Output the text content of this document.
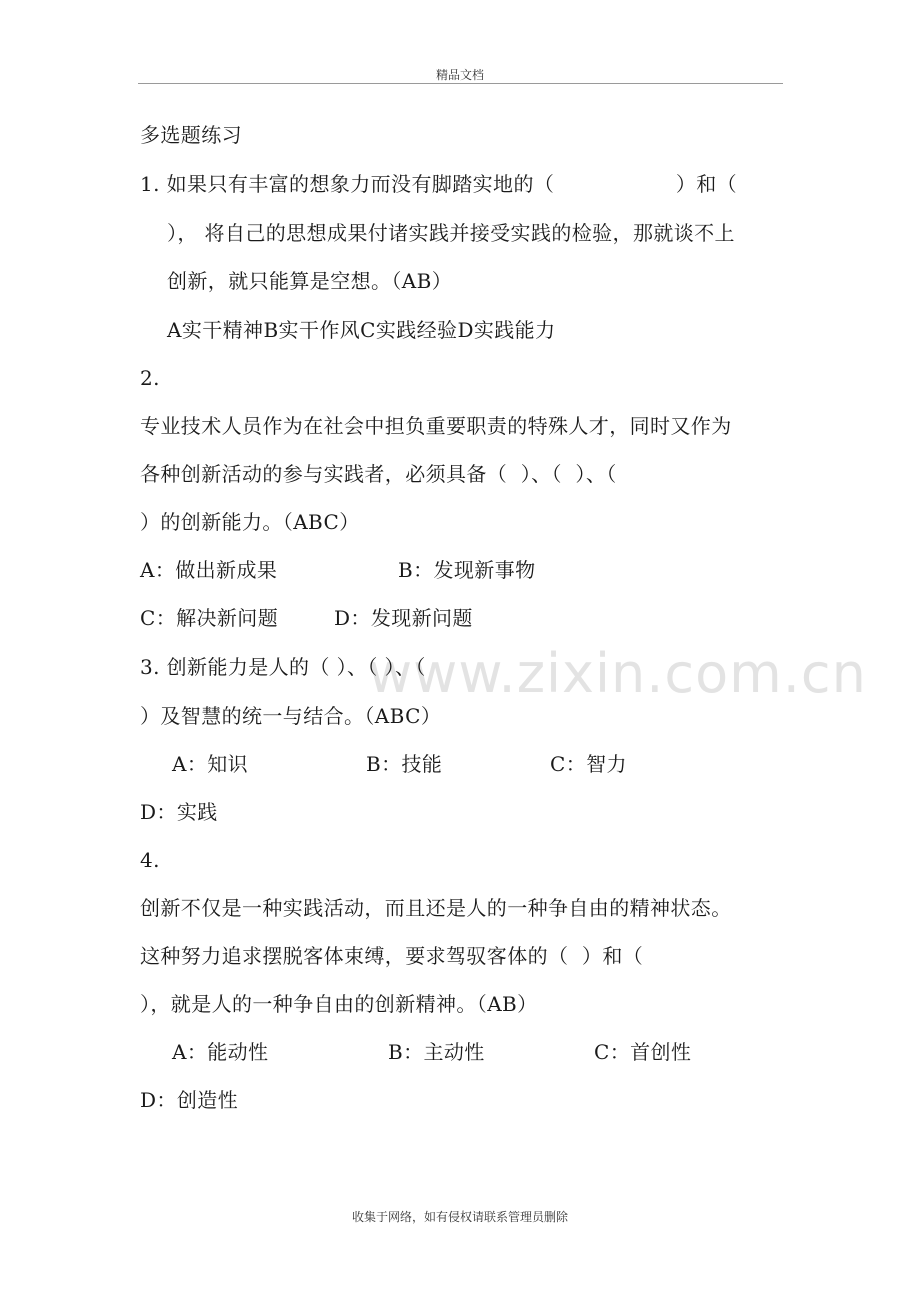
精品文档
多选题练习
1. 如果只有丰富的想象力而没有脚踏实地的（                  ）和（
）， 将自己的思想成果付诸实践并接受实践的检验，那就谈不上
创新，就只能算是空想。（AB）
A实干精神B实干作风C实践经验D实践能力
2.
专业技术人员作为在社会中担负重要职责的特殊人才，同时又作为
各种创新活动的参与实践者，必须具备（  ）、（  ）、（
）的创新能力。（ABC）
A：做出新成果	B：发现新事物
C：解决新问题	D：发现新问题
www.zixin.com.cn
3. 创新能力是人的（ ）、（ ）、（
）及智慧的统一与结合。（ABC）
A：知识	B：技能	C：智力
D：实践
4.
创新不仅是一种实践活动，而且还是人的一种争自由的精神状态。
这种努力追求摆脱客体束缚，要求驾驭客体的（  ）和（
），就是人的一种争自由的创新精神。（AB）
A：能动性	B：主动性	C：首创性
D：创造性
收集于网络，如有侵权请联系管理员删除
